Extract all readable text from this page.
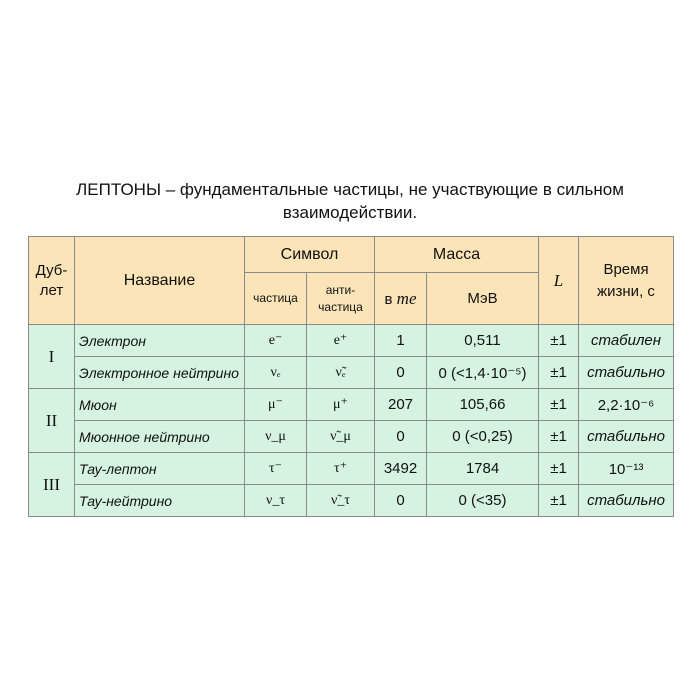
ЛЕПТОНЫ – фундаментальные частицы, не участвующие в сильном взаимодействии.
Дуб-лет	Название	Символ		Масса		L	Время жизни, с
		частица	анти-частица	в me	МэВ		
I	Электрон	e⁻	e⁺	1	0,511	±1	стабилен
	Электронное нейтрино	νₑ	ν̃ₑ	0	0 (<1,4·10⁻⁵)	±1	стабильно
II	Мюон	μ⁻	μ⁺	207	105,66	±1	2,2·10⁻⁶
	Мюонное нейтрино	ν_μ	ν̃_μ	0	0 (<0,25)	±1	стабильно
III	Тау-лептон	τ⁻	τ⁺	3492	1784	±1	10⁻¹³
	Тау-нейтрино	ν_τ	ν̃_τ	0	0 (<35)	±1	стабильно
